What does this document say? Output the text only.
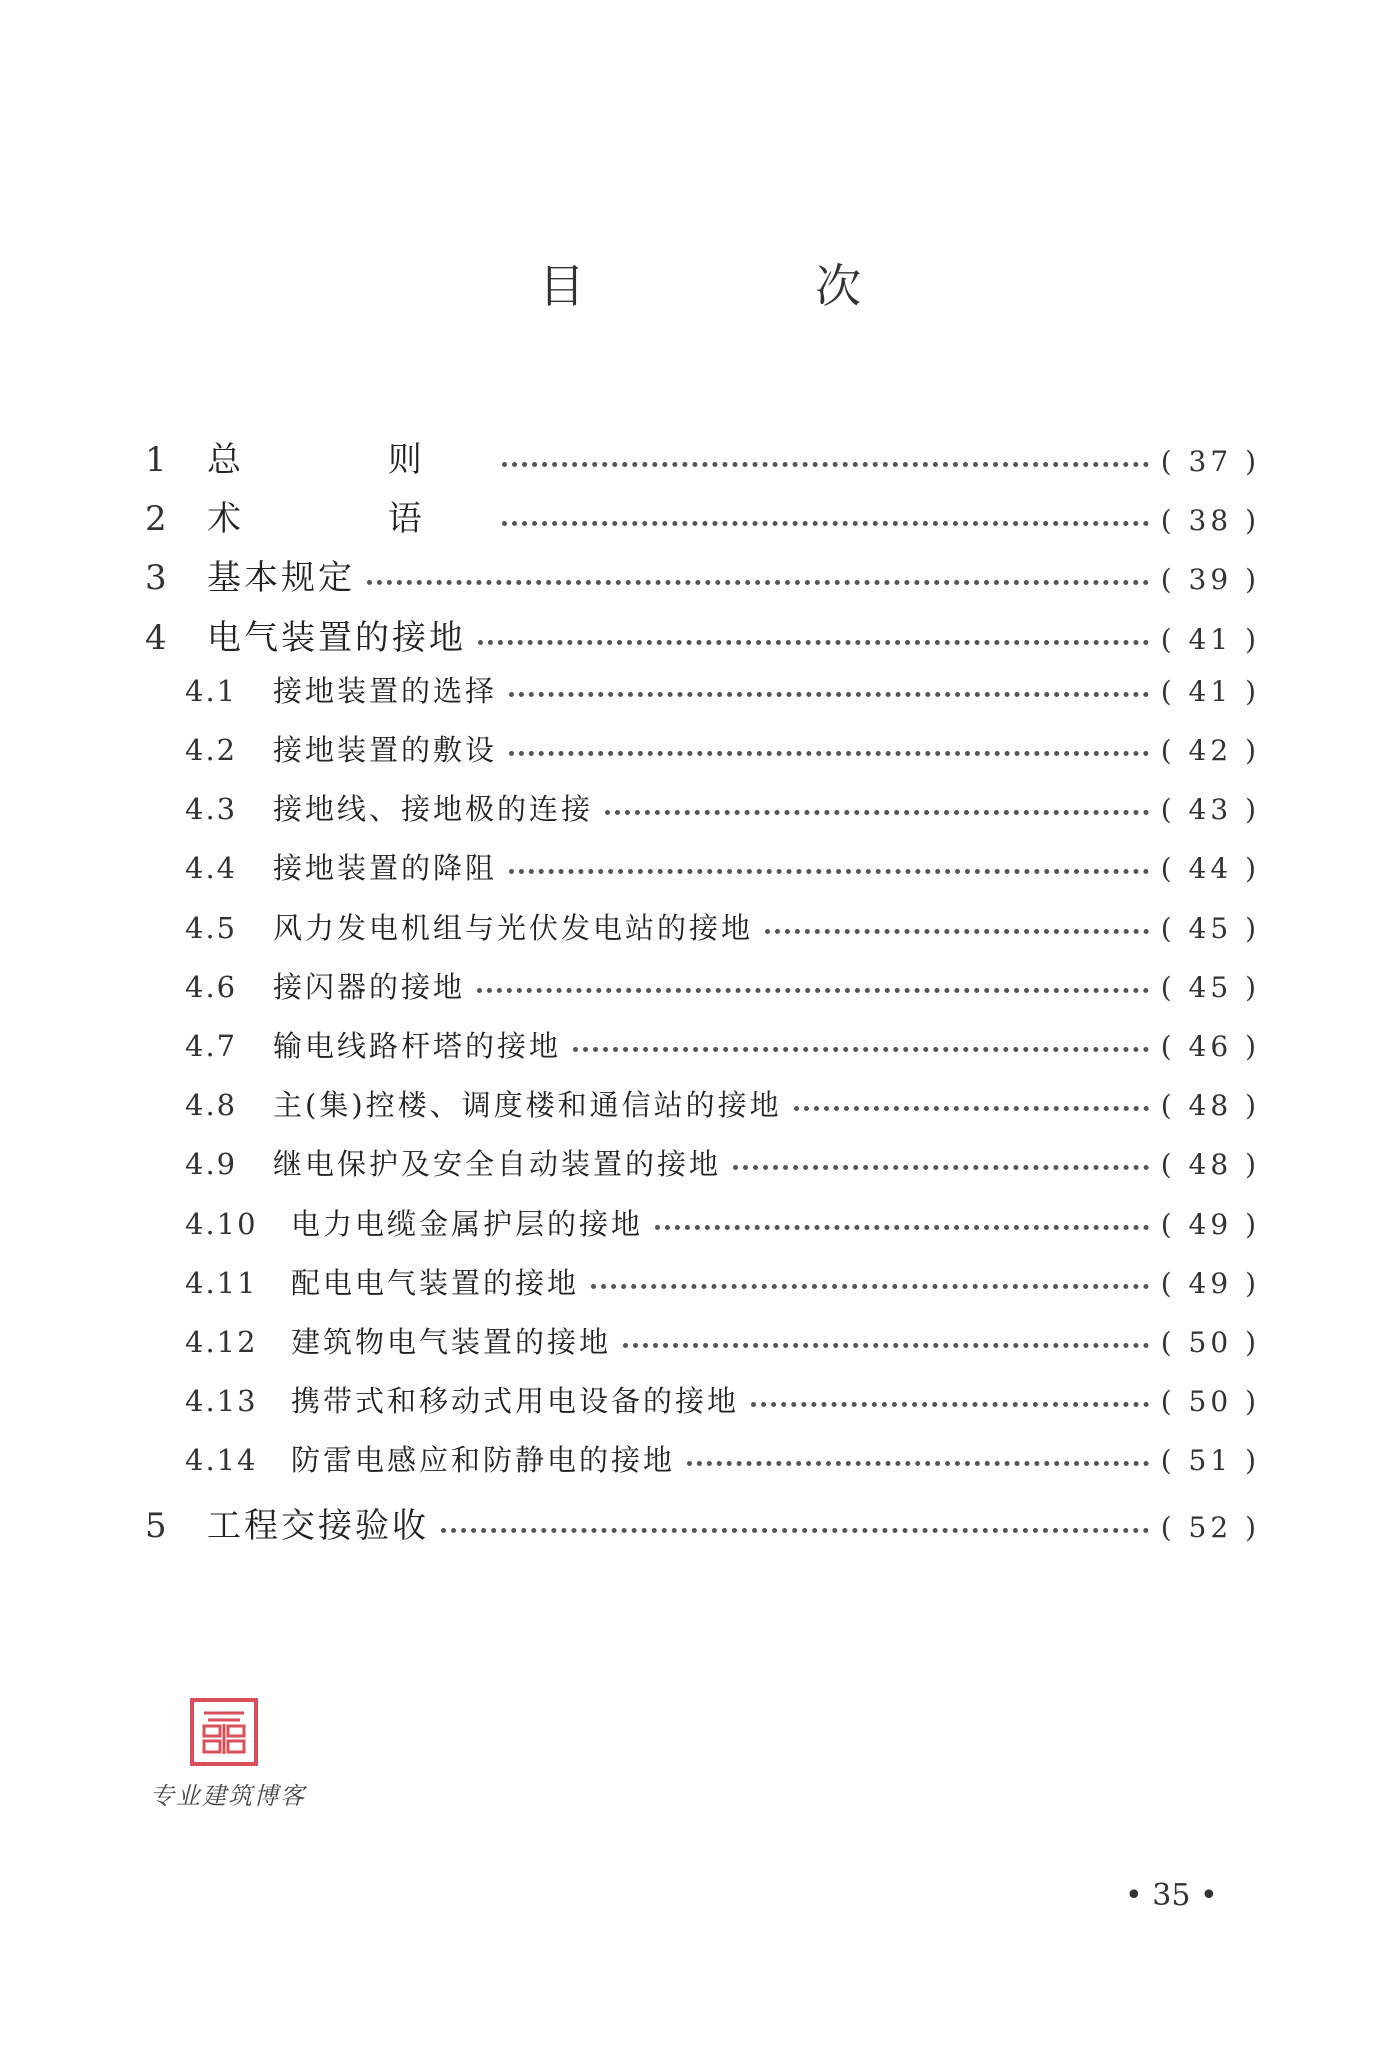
目 次
1	总 则	( 37 )
2	术 语	( 38 )
3	基本规定	( 39 )
4	电气装置的接地	( 41 )
4.1	接地装置的选择	( 41 )
4.2	接地装置的敷设	( 42 )
4.3	接地线、接地极的连接	( 43 )
4.4	接地装置的降阻	( 44 )
4.5	风力发电机组与光伏发电站的接地	( 45 )
4.6	接闪器的接地	( 45 )
4.7	输电线路杆塔的接地	( 46 )
4.8	主(集)控楼、调度楼和通信站的接地	( 48 )
4.9	继电保护及安全自动装置的接地	( 48 )
4.10	电力电缆金属护层的接地	( 49 )
4.11	配电电气装置的接地	( 49 )
4.12	建筑物电气装置的接地	( 50 )
4.13	携带式和移动式用电设备的接地	( 50 )
4.14	防雷电感应和防静电的接地	( 51 )
5	工程交接验收	( 52 )
专业建筑博客
• 35 •
